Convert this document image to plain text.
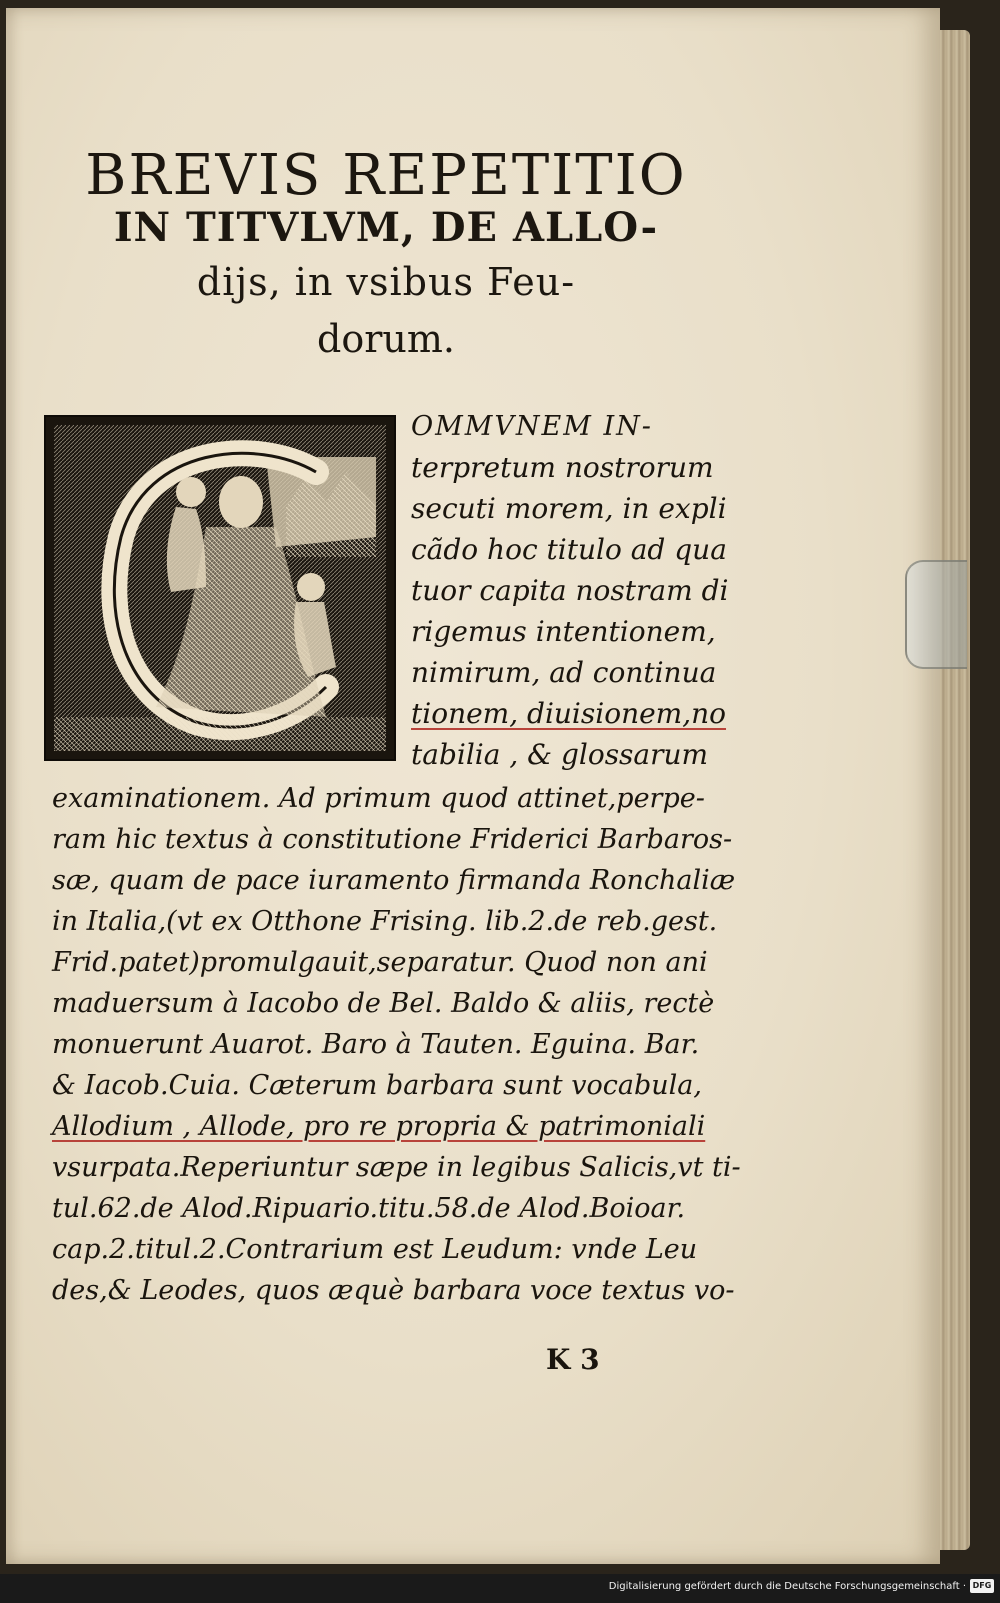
BREVIS REPETITIO
IN TITVLVM, DE ALLO-
dijs, in vsibus Feu-
dorum.
OMMVNEM IN-
terpretum nostrorum
secuti morem, in expli
cãdo hoc titulo ad qua
tuor capita nostram di
rigemus intentionem,
nimirum, ad continua
tionem, diuisionem,no
tabilia , & glossarum
examinationem. Ad primum quod attinet,perpe-
ram hic textus à constitutione Friderici Barbaros-
sæ, quam de pace iuramento firmanda Ronchaliæ
in Italia,(vt ex Otthone Frising. lib.2.de reb.gest.
Frid.patet)promulgauit,separatur. Quod non ani
maduersum à Iacobo de Bel. Baldo & aliis, rectè
monuerunt Auarot. Baro à Tauten. Eguina. Bar.
& Iacob.Cuia. Cæterum barbara sunt vocabula,
Allodium , Allode, pro re propria & patrimoniali
vsurpata.Reperiuntur sæpe in legibus Salicis,vt ti-
tul.62.de Alod.Ripuario.titu.58.de Alod.Boioar.
cap.2.titul.2.Contrarium est Leudum: vnde Leu
des,& Leodes, quos æquè barbara voce textus vo-
K 3
Digitalisierung gefördert durch die Deutsche Forschungsgemeinschaft · DFG
